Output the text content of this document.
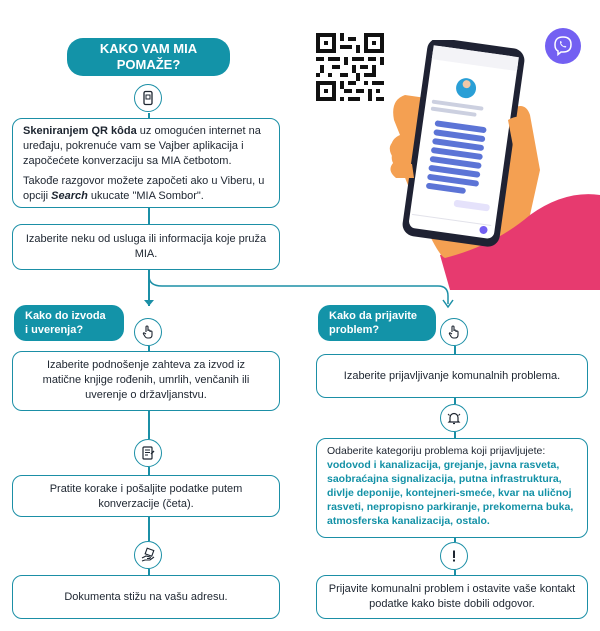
KAKO VAM MIA
POMAŽE?
Skeniranjem QR kôda uz omogućen internet na uređaju, pokrenuće vam se Vajber aplikacija i započećete konverzaciju sa MIA četbotom.
Takođe razgovor možete započeti ako u Viberu, u opciji Search ukucate "MIA Sombor".
Izaberite neku od usluga ili informacija koje pruža MIA.
Kako do izvoda
i uverenja?
Izaberite podnošenje zahteva za izvod iz matične knjige rođenih, umrlih, venčanih ili uverenje o državljanstvu.
Pratite korake i pošaljite podatke putem konverzacije (četa).
Dokumenta stižu na vašu adresu.
Kako da prijavite
problem?
Izaberite prijavljivanje komunalnih problema.
Odaberite kategoriju problema koji prijavljujete: vodovod i kanalizacija, grejanje, javna rasveta, saobraćajna signalizacija, putna infrastruktura, divlje deponije, kontejneri-smeće, kvar na uličnoj rasveti, nepropisno parkiranje, prekomerna buka, atmosferska kanalizacija, ostalo.
Prijavite komunalni problem i ostavite vaše kontakt podatke kako biste dobili odgovor.
